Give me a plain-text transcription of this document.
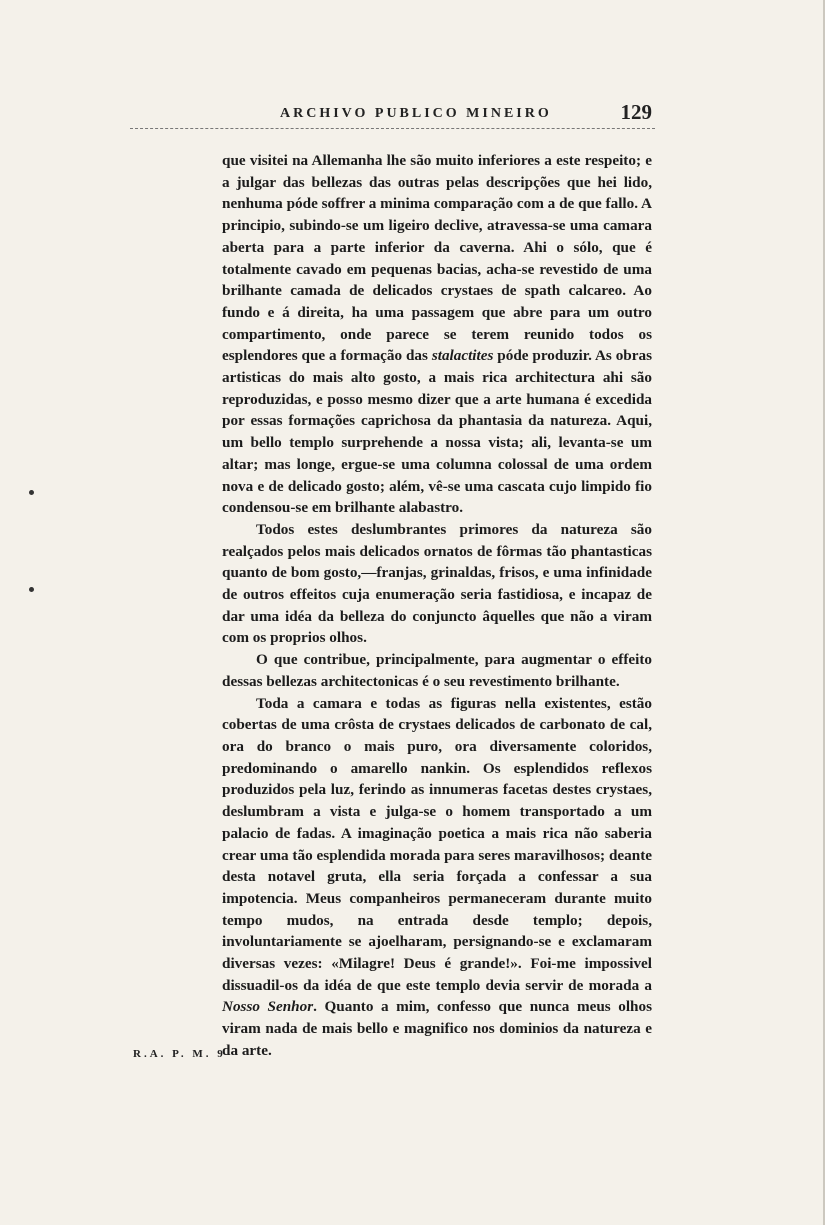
ARCHIVO PUBLICO MINEIRO	129

que visitei na Allemanha lhe são muito inferiores a este respeito; e a julgar das bellezas das outras pelas descripções que hei lido, nenhuma póde soffrer a minima comparação com a de que fallo. A principio, subindo-se um ligeiro declive, atravessa-se uma camara aberta para a parte inferior da caverna. Ahi o sólo, que é totalmente cavado em pequenas bacias, acha-se revestido de uma brilhante camada de delicados crystaes de spath calcareo. Ao fundo e á direita, ha uma passagem que abre para um outro compartimento, onde parece se terem reunido todos os esplendores que a formação das stalactites póde produzir. As obras artisticas do mais alto gosto, a mais rica architectura ahi são reproduzidas, e posso mesmo dizer que a arte humana é excedida por essas formações caprichosa da phantasia da natureza. Aqui, um bello templo surprehende a nossa vista; ali, levanta-se um altar; mas longe, ergue-se uma columna colossal de uma ordem nova e de delicado gosto; além, vê-se uma cascata cujo limpido fio condensou-se em brilhante alabastro.

Todos estes deslumbrantes primores da natureza são realçados pelos mais delicados ornatos de fôrmas tão phantasticas quanto de bom gosto,—franjas, grinaldas, frisos, e uma infinidade de outros effeitos cuja enumeração seria fastidiosa, e incapaz de dar uma idéa da belleza do conjuncto âquelles que não a viram com os proprios olhos.

O que contribue, principalmente, para augmentar o effeito dessas bellezas architectonicas é o seu revestimento brilhante.

Toda a camara e todas as figuras nella existentes, estão cobertas de uma crôsta de crystaes delicados de carbonato de cal, ora do branco o mais puro, ora diversamente coloridos, predominando o amarello nankin. Os esplendidos reflexos produzidos pela luz, ferindo as innumeras facetas destes crystaes, deslumbram a vista e julga-se o homem transportado a um palacio de fadas. A imaginação poetica a mais rica não saberia crear uma tão esplendida morada para seres maravilhosos; deante desta notavel gruta, ella seria forçada a confessar a sua impotencia. Meus companheiros permaneceram durante muito tempo mudos, na entrada desde templo; depois, involuntariamente se ajoelharam, persignando-se e exclamaram diversas vezes: «Milagre! Deus é grande!». Foi-me impossivel dissuadil-os da idéa de que este templo devia servir de morada a Nosso Senhor. Quanto a mim, confesso que nunca meus olhos viram nada de mais bello e magnifico nos dominios da natureza e da arte.

R.A. P. M. 9
